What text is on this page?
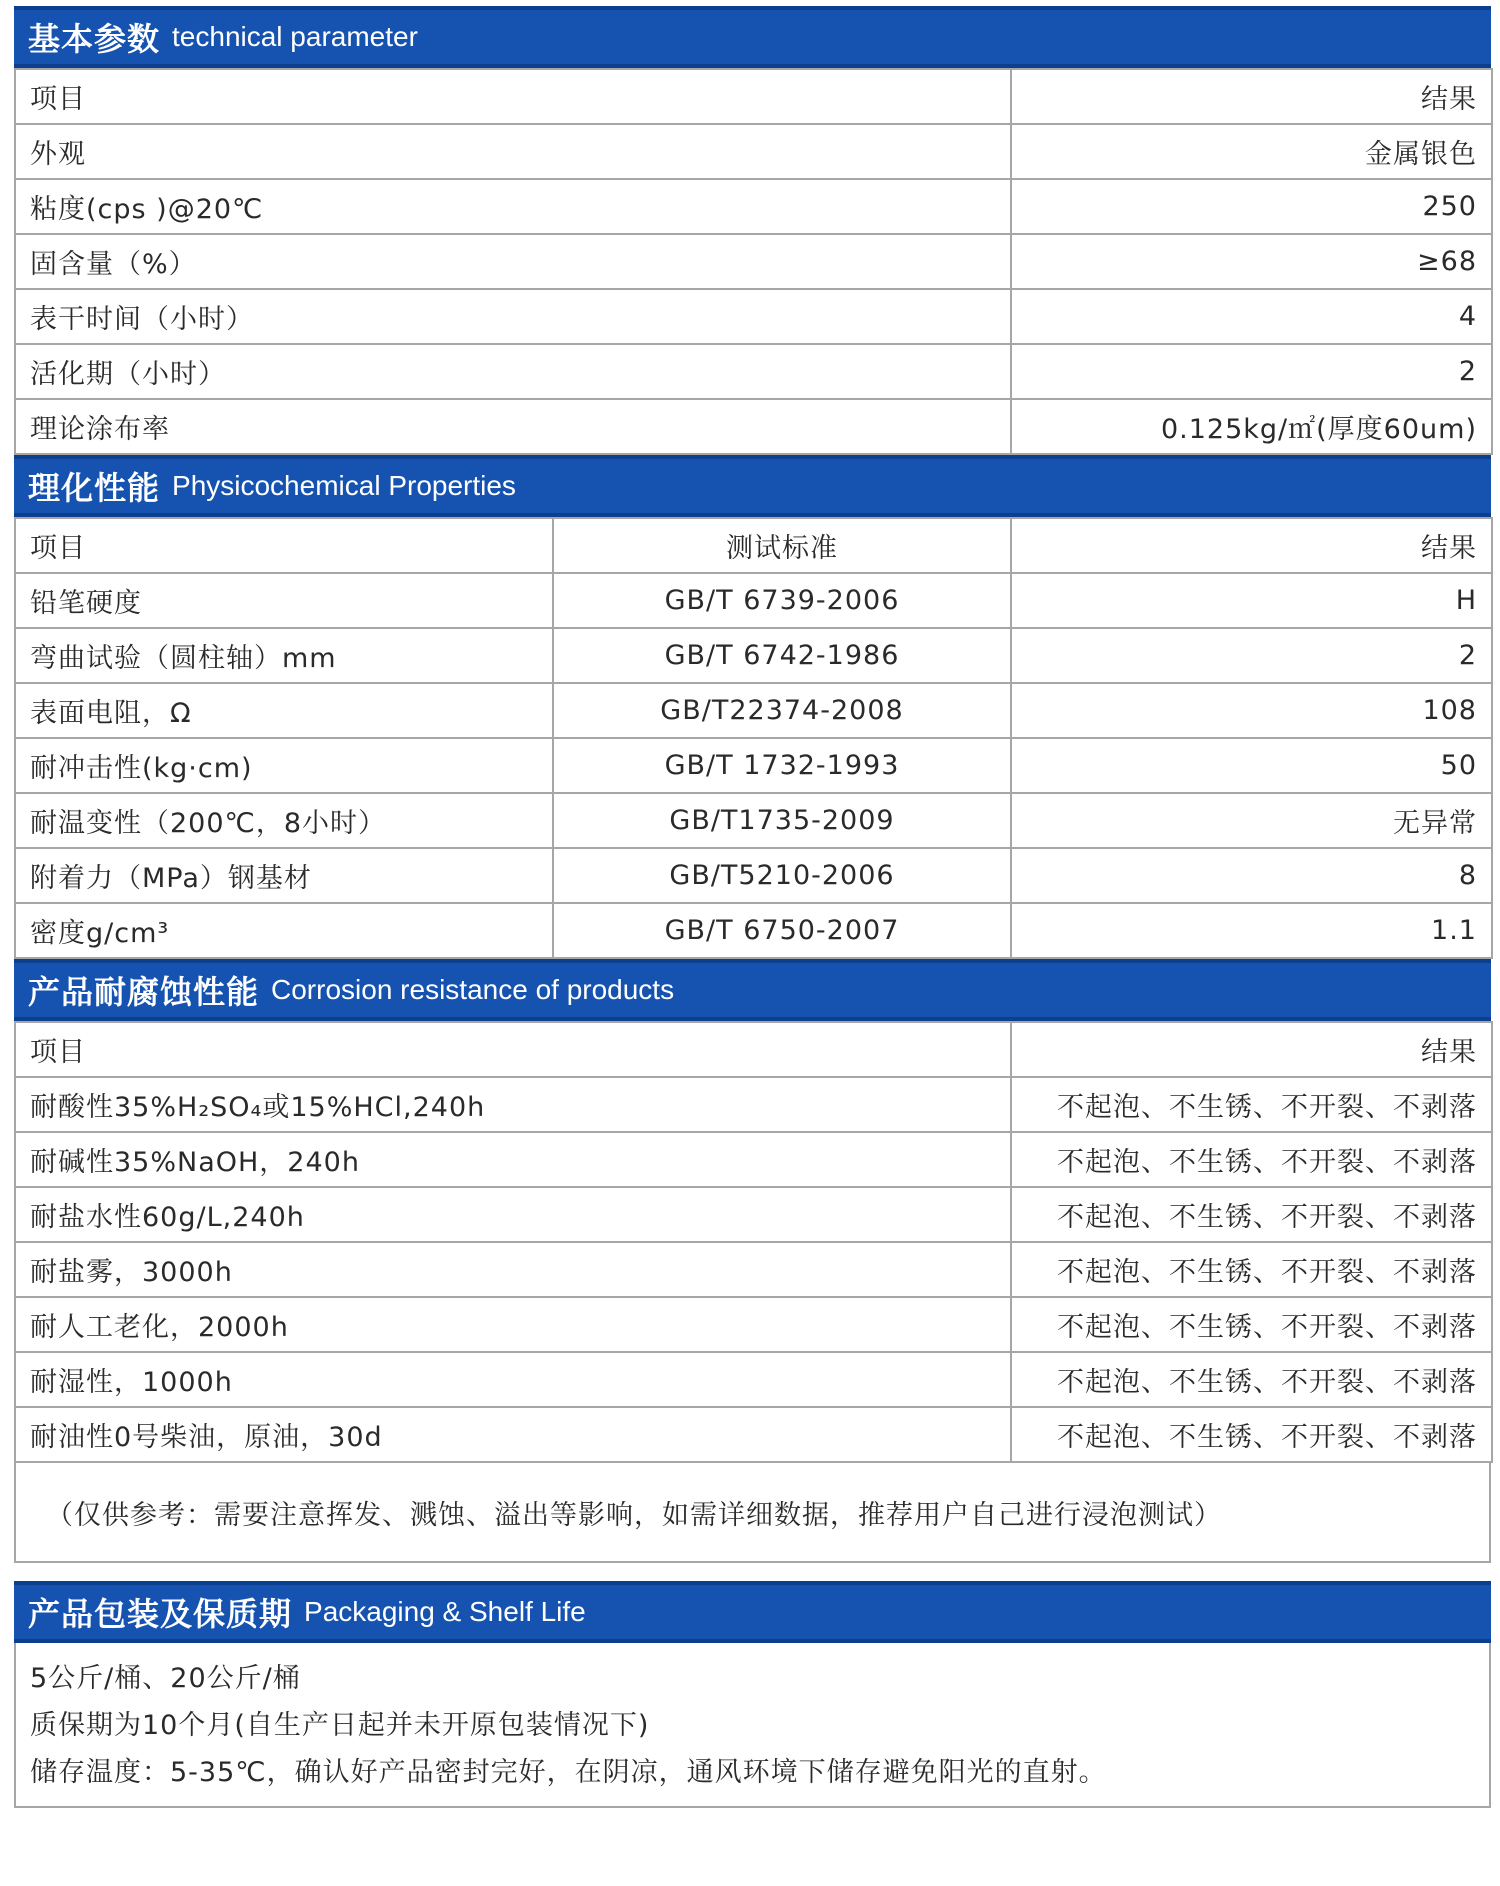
基本参数 technical parameter
项目	结果
外观	金属银色
粘度(cps )@20℃	250
固含量（%）	≥68
表干时间（小时）	4
活化期（小时）	2
理论涂布率	0.125kg/㎡(厚度60um)
理化性能 Physicochemical Properties
项目	测试标准	结果
铅笔硬度	GB/T 6739-2006	H
弯曲试验（圆柱轴）mm	GB/T 6742-1986	2
表面电阻，Ω	GB/T22374-2008	108
耐冲击性(kg·cm)	GB/T 1732-1993	50
耐温变性（200℃，8小时）	GB/T1735-2009	无异常
附着力（MPa）钢基材	GB/T5210-2006	8
密度g/cm³	GB/T 6750-2007	1.1
产品耐腐蚀性能 Corrosion resistance of products
项目	结果
耐酸性35%H₂SO₄或15%HCl,240h	不起泡、不生锈、不开裂、不剥落
耐碱性35%NaOH，240h	不起泡、不生锈、不开裂、不剥落
耐盐水性60g/L,240h	不起泡、不生锈、不开裂、不剥落
耐盐雾，3000h	不起泡、不生锈、不开裂、不剥落
耐人工老化，2000h	不起泡、不生锈、不开裂、不剥落
耐湿性，1000h	不起泡、不生锈、不开裂、不剥落
耐油性0号柴油，原油，30d	不起泡、不生锈、不开裂、不剥落
（仅供参考：需要注意挥发、溅蚀、溢出等影响，如需详细数据，推荐用户自己进行浸泡测试）
产品包装及保质期 Packaging & Shelf Life
5公斤/桶、20公斤/桶
质保期为10个月(自生产日起并未开原包装情况下)
储存温度：5-35℃，确认好产品密封完好，在阴凉，通风环境下储存避免阳光的直射。
